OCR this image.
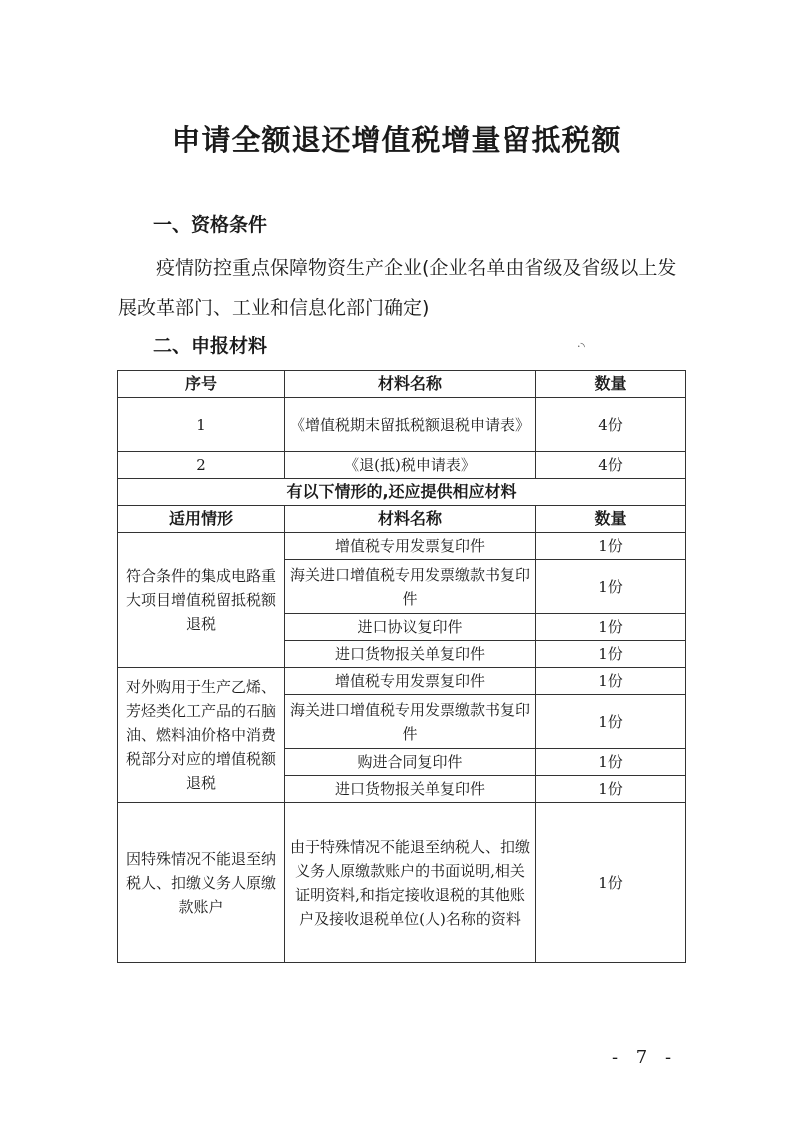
申请全额退还增值税增量留抵税额
一、资格条件
疫情防控重点保障物资生产企业(企业名单由省级及省级以上发展改革部门、工业和信息化部门确定)
二、申报材料	·◝
序号	材料名称	数量
1	《增值税期末留抵税额退税申请表》	4份
2	《退(抵)税申请表》	4份
有以下情形的,还应提供相应材料		
适用情形	材料名称	数量
符合条件的集成电路重大项目增值税留抵税额退税	增值税专用发票复印件	1份
	海关进口增值税专用发票缴款书复印件	1份
	进口协议复印件	1份
	进口货物报关单复印件	1份
对外购用于生产乙烯、芳烃类化工产品的石脑油、燃料油价格中消费税部分对应的增值税额退税	增值税专用发票复印件	1份
	海关进口增值税专用发票缴款书复印件	1份
	购进合同复印件	1份
	进口货物报关单复印件	1份
因特殊情况不能退至纳税人、扣缴义务人原缴款账户	由于特殊情况不能退至纳税人、扣缴义务人原缴款账户的书面说明,相关证明资料,和指定接收退税的其他账户及接收退税单位(人)名称的资料	1份
- 7 -
